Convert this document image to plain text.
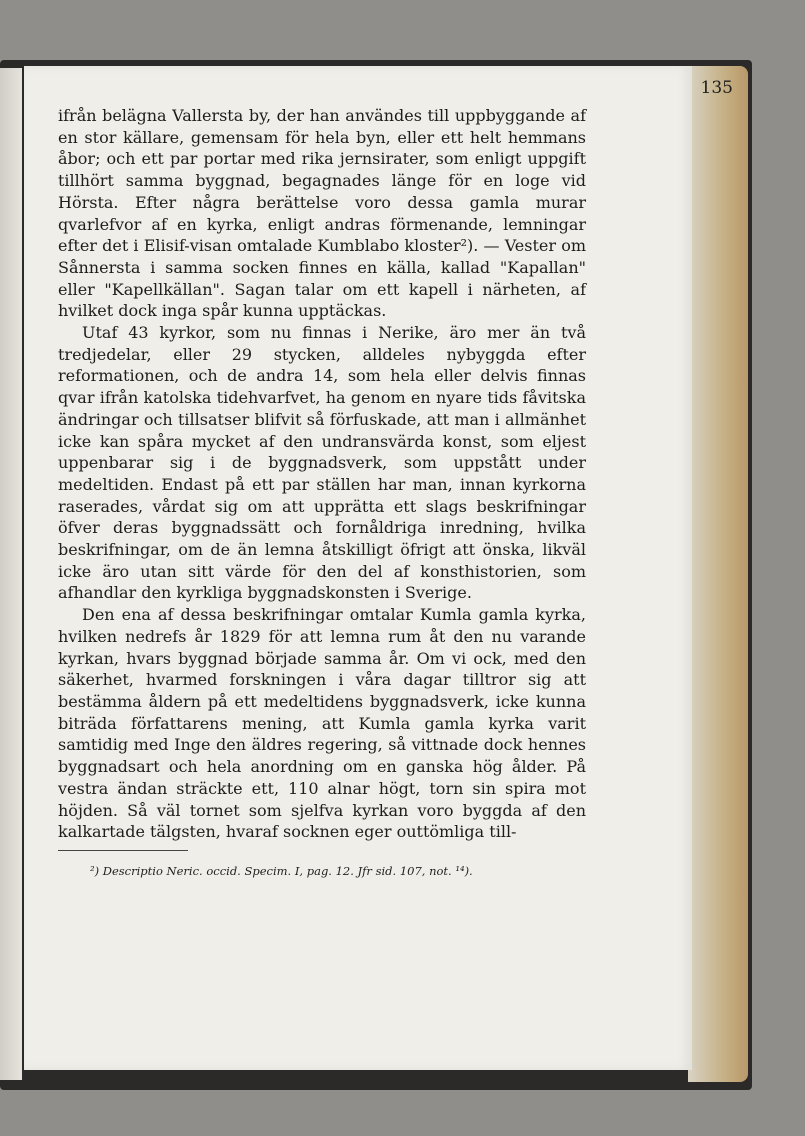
135

ifrån belägna Vallersta by, der han användes till uppbyggande af en stor källare, gemensam för hela byn, eller ett helt hemmans åbor; och ett par portar med rika jernsirater, som enligt uppgift tillhört samma byggnad, begagnades länge för en loge vid Hörsta. Efter några berättelse voro dessa gamla murar qvarlefvor af en kyrka, enligt andras förmenande, lemningar efter det i Elisif-visan omtalade Kumblabo kloster²). — Vester om Sånnersta i samma socken finnes en källa, kallad "Kapallan" eller "Kapellkällan". Sagan talar om ett kapell i närheten, af hvilket dock inga spår kunna upptäckas.

Utaf 43 kyrkor, som nu finnas i Nerike, äro mer än två tredjedelar, eller 29 stycken, alldeles nybyggda efter reformationen, och de andra 14, som hela eller delvis finnas qvar ifrån katolska tidehvarfvet, ha genom en nyare tids fåvitska ändringar och tillsatser blifvit så förfuskade, att man i allmänhet icke kan spåra mycket af den undransvärda konst, som eljest uppenbarar sig i de byggnadsverk, som uppstått under medeltiden. Endast på ett par ställen har man, innan kyrkorna raserades, vårdat sig om att upprätta ett slags beskrifningar öfver deras byggnadssätt och fornåldriga inredning, hvilka beskrifningar, om de än lemna åtskilligt öfrigt att önska, likväl icke äro utan sitt värde för den del af konsthistorien, som afhandlar den kyrkliga byggnadskonsten i Sverige.

Den ena af dessa beskrifningar omtalar Kumla gamla kyrka, hvilken nedrefs år 1829 för att lemna rum åt den nu varande kyrkan, hvars byggnad började samma år. Om vi ock, med den säkerhet, hvarmed forskningen i våra dagar tilltror sig att bestämma åldern på ett medeltidens byggnadsverk, icke kunna biträda författarens mening, att Kumla gamla kyrka varit samtidig med Inge den äldres regering, så vittnade dock hennes byggnadsart och hela anordning om en ganska hög ålder. På vestra ändan sträckte ett, 110 alnar högt, torn sin spira mot höjden. Så väl tornet som sjelfva kyrkan voro byggda af den kalkartade tälgsten, hvaraf socknen eger outtömliga till-

²) Descriptio Neric. occid. Specim. I, pag. 12. Jfr sid. 107, not. ¹⁴).
